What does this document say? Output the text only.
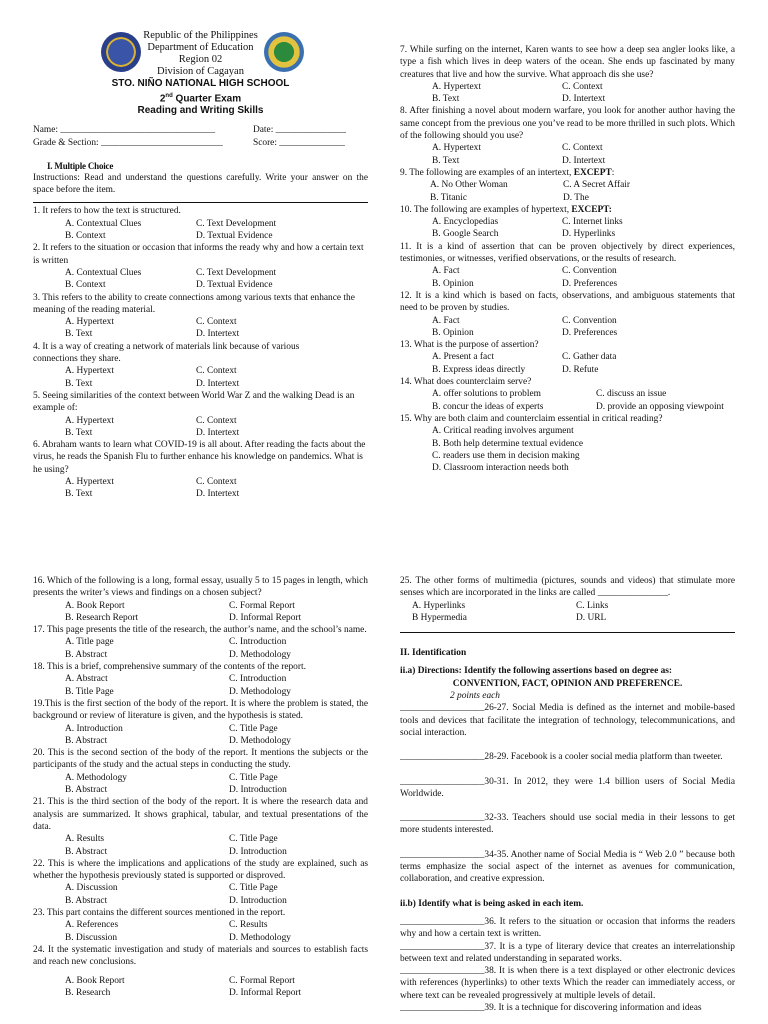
Republic of the Philippines
Department of Education
Region 02
Division of Cagayan
STO. NIÑO NATIONAL HIGH SCHOOL
2nd Quarter Exam
Reading and Writing Skills
Name: _________________________________	Date: _______________
Grade & Section: __________________________	Score: ______________
I. Multiple Choice
Instructions: Read and understand the questions carefully. Write your answer on the space before the item.
1. It refers to how the text is structured.
A. Contextual Clues	C. Text Development
B. Context	D. Textual Evidence
2. It refers to the situation or occasion that informs the ready why and how a certain text is written
A. Contextual Clues	C. Text Development
B. Context	D. Textual Evidence
3. This refers to the ability to create connections among various texts that enhance the meaning of the reading material.
A. Hypertext	C. Context
B. Text	D. Intertext
4. It is a way of creating a network of materials link because of various connections they share.
A. Hypertext	C. Context
B. Text	D. Intertext
5. Seeing similarities of the context between World War Z and the walking Dead is an example of:
A. Hypertext	C. Context
B. Text	D. Intertext
6. Abraham wants to learn what COVID-19 is all about. After reading the facts about the virus, he reads the Spanish Flu to further enhance his knowledge on pandemics. What is he using?
A. Hypertext	C. Context
B. Text	D. Intertext
7. While surfing on the internet, Karen wants to see how a deep sea angler looks like, a type a fish which lives in deep waters of the ocean. She ends up fascinated by many creatures that live and how the survive. What approach dis she use?
A. Hypertext	C. Context
B. Text	D. Intertext
8. After finishing a novel about modern warfare, you look for another author having the same concept from the previous one you’ve read to be more thrilled in such plots. Which of the following should you use?
A. Hypertext	C. Context
B. Text	D. Intertext
9. The following are examples of an intertext, EXCEPT:
A. No Other Woman	C. A Secret Affair
B. Titanic	D. The
10. The following are examples of hypertext, EXCEPT:
A. Encyclopedias	C. Internet links
B. Google Search	D. Hyperlinks
11. It is a kind of assertion that can be proven objectively by direct experiences, testimonies, or witnesses, verified observations, or the results of research.
A. Fact	C. Convention
B. Opinion	D. Preferences
12. It is a kind which is based on facts, observations, and ambiguous statements that need to be proven by studies.
A. Fact	C. Convention
B. Opinion	D. Preferences
13. What is the purpose of assertion?
A. Present a fact	C. Gather data
B. Express ideas directly	D. Refute
14. What does counterclaim serve?
A. offer solutions to problem	C. discuss an issue
B. concur the ideas of experts	D. provide an opposing viewpoint
15. Why are both claim and counterclaim essential in critical reading?
A. Critical reading involves argument
B. Both help determine textual evidence
C. readers use them in decision making
D. Classroom interaction needs both
16. Which of the following is a long, formal essay, usually 5 to 15 pages in length, which presents the writer’s views and findings on a chosen subject?
A. Book Report	C. Formal Report
B. Research Report	D. Informal Report
17. This page presents the title of the research, the author’s name, and the school’s name.
A. Title page	C. Introduction
B. Abstract	D. Methodology
18. This is a brief, comprehensive summary of the contents of the report.
A. Abstract	C. Introduction
B. Title Page	D. Methodology
19.This is the first section of the body of the report. It is where the problem is stated, the background or review of literature is given, and the hypothesis is stated.
A. Introduction	C. Title Page
B. Abstract	D. Methodology
20. This is the second section of the body of the report. It mentions the subjects or the participants of the study and the actual steps in conducting the study.
A. Methodology	C. Title Page
B. Abstract	D. Introduction
21. This is the third section of the body of the report. It is where the research data and analysis are summarized. It shows graphical, tabular, and textual presentations of the data.
A. Results	C. Title Page
B. Abstract	D. Introduction
22. This is where the implications and applications of the study are explained, such as whether the hypothesis previously stated is supported or disproved.
A. Discussion	C. Title Page
B. Abstract	D. Introduction
23. This part contains the different sources mentioned in the report.
A. References	C. Results
B. Discussion	D. Methodology
24. It the systematic investigation and study of materials and sources to establish facts and reach new conclusions.
A. Book Report	C. Formal Report
B. Research	D. Informal Report
25. The other forms of multimedia (pictures, sounds and videos) that stimulate more senses which are incorporated in the links are called _______________.
A. Hyperlinks	C. Links
B Hypermedia	D. URL
II. Identification
ii.a) Directions: Identify the following assertions based on degree as:
CONVENTION, FACT, OPINION AND PREFERENCE.
2 points each
__________________26-27. Social Media is defined as the internet and mobile-based tools and devices that facilitate the integration of technology, telecommunications, and social interaction.
__________________28-29. Facebook is a cooler social media platform than tweeter.
__________________30-31. In 2012, they were 1.4 billion users of Social Media Worldwide.
__________________32-33. Teachers should use social media in their lessons to get more students interested.
__________________34-35. Another name of Social Media is “ Web 2.0 ” because both terms emphasize the social aspect of the internet as avenues for communication, collaboration, and creative expression.
ii.b) Identify what is being asked in each item.
__________________36. It refers to the situation or occasion that informs the readers why and how a certain text is written.
__________________37. It is a type of literary device that creates an interrelationship between text and related understanding in separated works.
__________________38. It is when there is a text displayed or other electronic devices with references (hyperlinks) to other texts Which the reader can immediately access, or where text can be revealed progressively at multiple levels of detail.
__________________39. It is a technique for discovering information and ideas
